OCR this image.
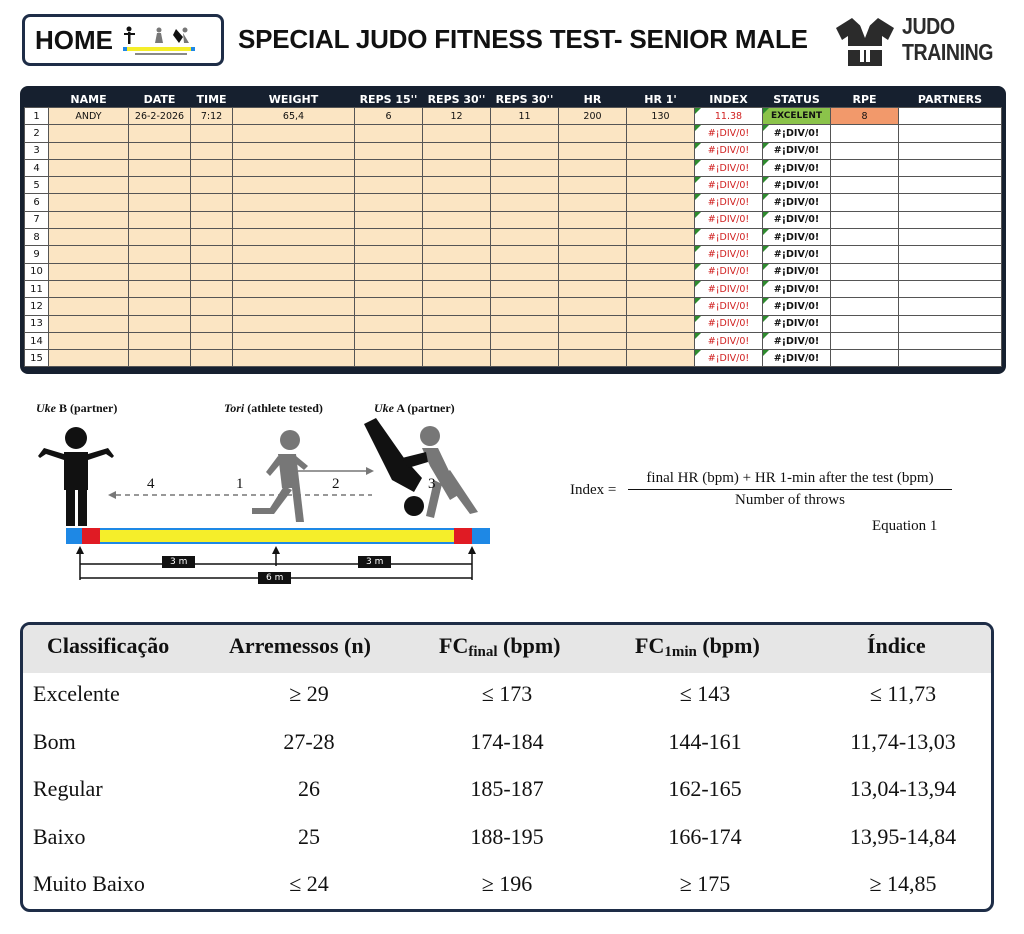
HOME	SPECIAL JUDO FITNESS TEST- SENIOR MALE	JUDO
TRAINING
	NAME	DATE	TIME	WEIGHT	REPS 15''	REPS 30''	REPS 30''	HR	HR 1'	INDEX	STATUS	RPE	PARTNERS
1	ANDY	26-2-2026	7:12	65,4	6	12	11	200	130	11.38	EXCELENT	8	
2										#¡DIV/0!	#¡DIV/0!		
3										#¡DIV/0!	#¡DIV/0!		
4										#¡DIV/0!	#¡DIV/0!		
5										#¡DIV/0!	#¡DIV/0!		
6										#¡DIV/0!	#¡DIV/0!		
7										#¡DIV/0!	#¡DIV/0!		
8										#¡DIV/0!	#¡DIV/0!		
9										#¡DIV/0!	#¡DIV/0!		
10										#¡DIV/0!	#¡DIV/0!		
11										#¡DIV/0!	#¡DIV/0!		
12										#¡DIV/0!	#¡DIV/0!		
13										#¡DIV/0!	#¡DIV/0!		
14										#¡DIV/0!	#¡DIV/0!		
15										#¡DIV/0!	#¡DIV/0!		
Uke B (partner)	Tori (athlete tested)	Uke A (partner)
1	2	3
4
3 m	3 m
6 m
Index =
final HR (bpm) + HR 1-min after the test (bpm)
Number of throws
Equation 1
Classificação	Arremessos (n)	$FC_{final}$ (bpm)	$FC_{1min}$ (bpm)	Índice
Excelente	≥ 29	≤ 173	≤ 143	≤ 11,73
Bom	27-28	174-184	144-161	11,74-13,03
Regular	26	185-187	162-165	13,04-13,94
Baixo	25	188-195	166-174	13,95-14,84
Muito Baixo	≤ 24	≥ 196	≥ 175	≥ 14,85
